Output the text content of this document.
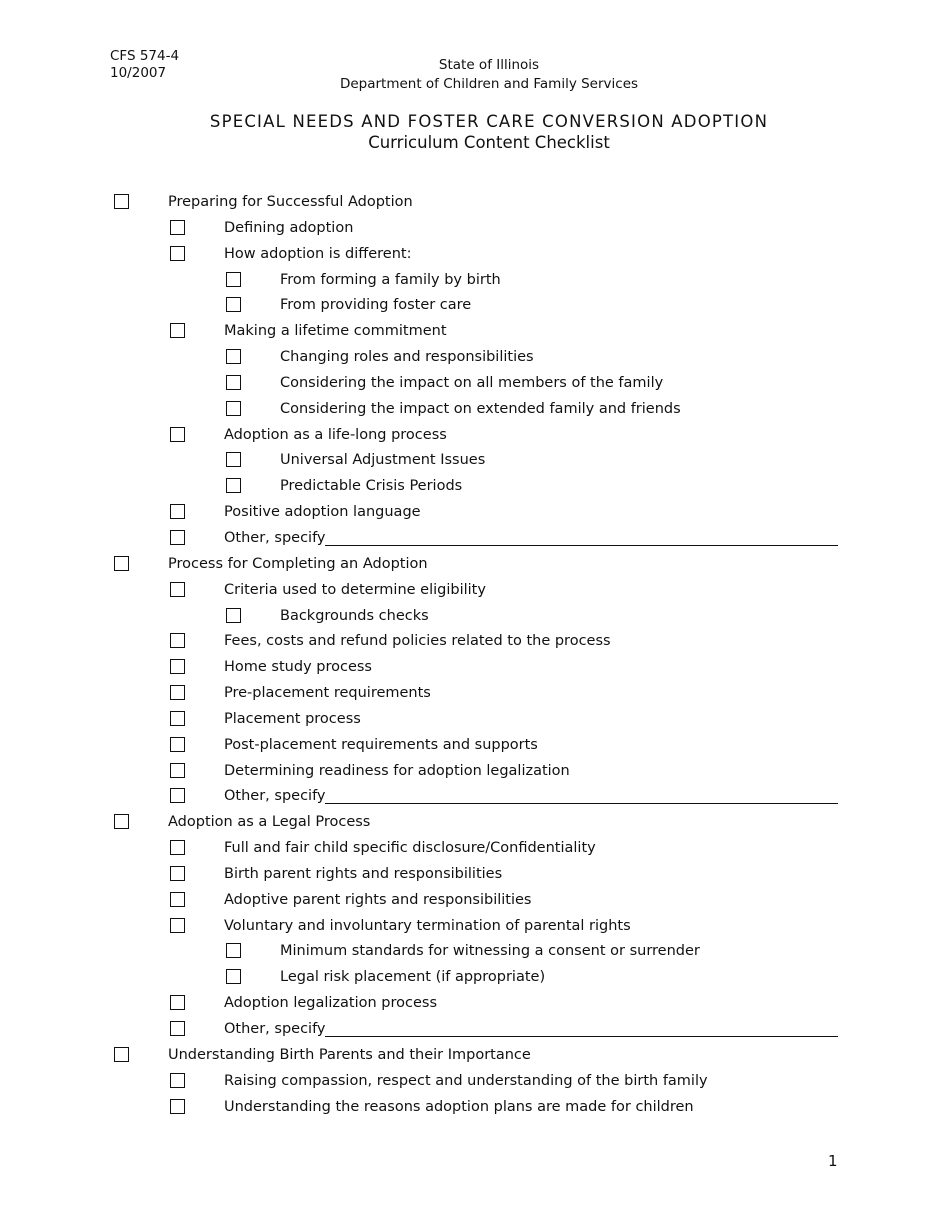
CFS 574-4
10/2007	State of Illinois
Department of Children and Family Services
SPECIAL NEEDS AND FOSTER CARE CONVERSION ADOPTION
Curriculum Content Checklist
Preparing for Successful Adoption
Defining adoption
How adoption is different:
From forming a family by birth
From providing foster care
Making a lifetime commitment
Changing roles and responsibilities
Considering the impact on all members of the family
Considering the impact on extended family and friends
Adoption as a life-long process
Universal Adjustment Issues
Predictable Crisis Periods
Positive adoption language
Other, specify
Process for Completing an Adoption
Criteria used to determine eligibility
Backgrounds checks
Fees, costs and refund policies related to the process
Home study process
Pre-placement requirements
Placement process
Post-placement requirements and supports
Determining readiness for adoption legalization
Other, specify
Adoption as a Legal Process
Full and fair child specific disclosure/Confidentiality
Birth parent rights and responsibilities
Adoptive parent rights and responsibilities
Voluntary and involuntary termination of parental rights
Minimum standards for witnessing a consent or surrender
Legal risk placement (if appropriate)
Adoption legalization process
Other, specify
Understanding Birth Parents and their Importance
Raising compassion, respect and understanding of the birth family
Understanding the reasons adoption plans are made for children
1
